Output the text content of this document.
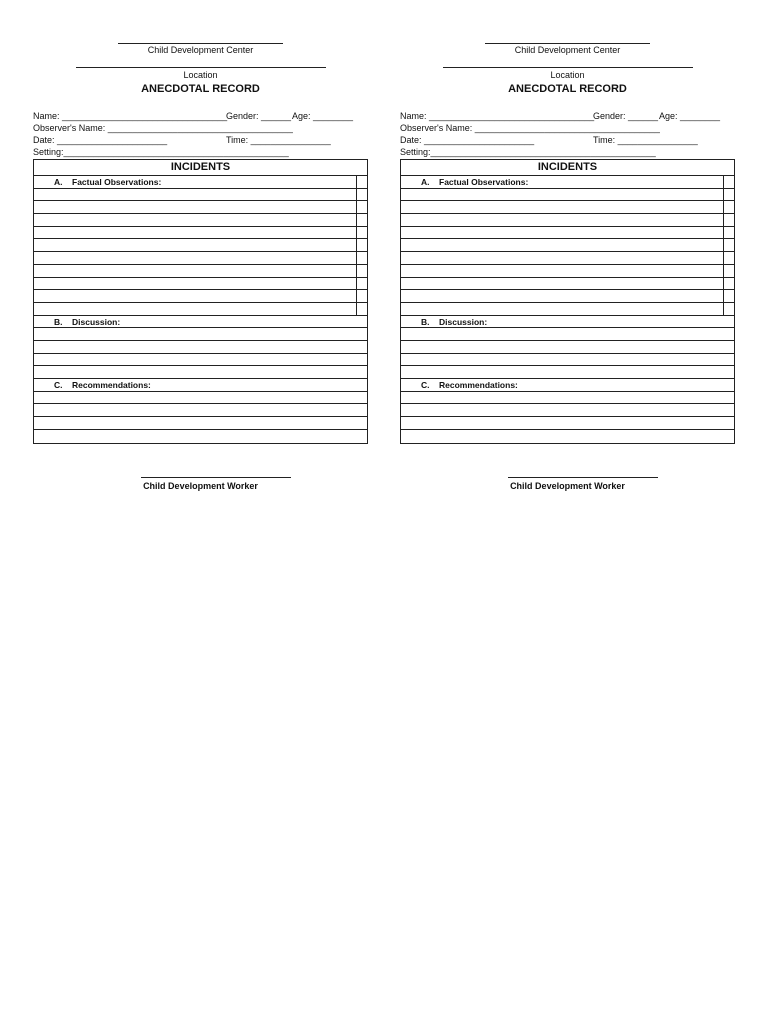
Child Development Center
Location
ANECDOTAL RECORD
Name: _________________________________
Gender: ______ Age: ________
Observer's Name: _____________________________________
Date: ______________________	Time: ________________
Setting:_____________________________________________
INCIDENTS
A. Factual Observations:
B. Discussion:
C. Recommendations:
Child Development Worker
Child Development Center
Location
ANECDOTAL RECORD
Name: _________________________________
Gender: ______ Age: ________
Observer's Name: _____________________________________
Date: ______________________	Time: ________________
Setting:_____________________________________________
INCIDENTS
A. Factual Observations:
B. Discussion:
C. Recommendations:
Child Development Worker
